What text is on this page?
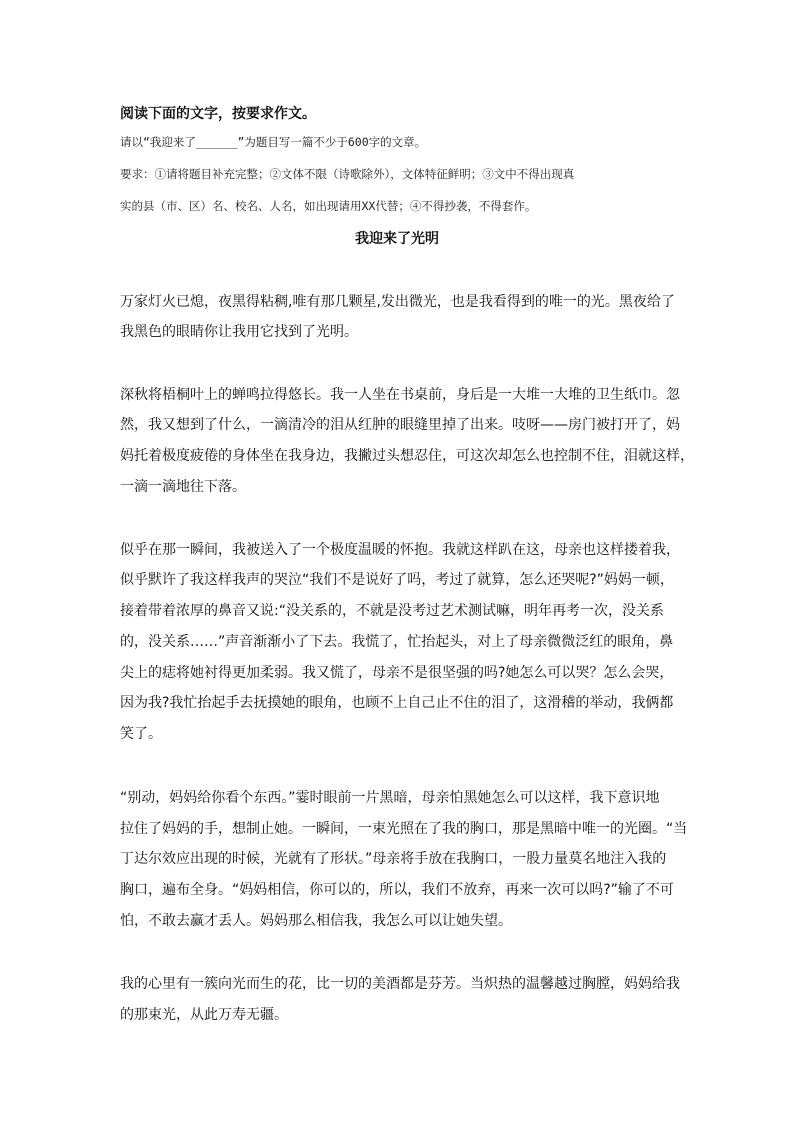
阅读下面的文字，按要求作文。
请以“我迎来了______”为题目写一篇不少于600字的文章。
要求：①请将题目补充完整；②文体不限（诗歌除外），文体特征鲜明；③文中不得出现真
实的县（市、区）名、校名、人名，如出现请用XX代替；④不得抄袭，不得套作。
我迎来了光明
万家灯火已熄，夜黑得粘稠,唯有那几颗星,发出微光，也是我看得到的唯一的光。黑夜给了
我黑色的眼睛你让我用它找到了光明。
深秋将梧桐叶上的蝉鸣拉得悠长。我一人坐在书桌前，身后是一大堆一大堆的卫生纸巾。忽
然，我又想到了什么，一滴清冷的泪从红肿的眼缝里掉了出来。吱呀——房门被打开了，妈
妈托着极度疲倦的身体坐在我身边，我撇过头想忍住，可这次却怎么也控制不住，泪就这样，
一滴一滴地往下落。
似乎在那一瞬间，我被送入了一个极度温暖的怀抱。我就这样趴在这，母亲也这样搂着我，
似乎默许了我这样我声的哭泣“我们不是说好了吗，考过了就算，怎么还哭呢?”妈妈一顿，
接着带着浓厚的鼻音又说:“没关系的，不就是没考过艺术测试嘛，明年再考一次，没关系
的，没关系……”声音渐渐小了下去。我慌了，忙抬起头，对上了母亲微微泛红的眼角，鼻
尖上的痣将她衬得更加柔弱。我又慌了，母亲不是很坚强的吗?她怎么可以哭？怎么会哭，
因为我?我忙抬起手去抚摸她的眼角，也顾不上自己止不住的泪了，这滑稽的举动，我俩都
笑了。
“别动，妈妈给你看个东西。”霎时眼前一片黑暗，母亲怕黑她怎么可以这样，我下意识地
拉住了妈妈的手，想制止她。一瞬间，一束光照在了我的胸口，那是黑暗中唯一的光圈。“当
丁达尔效应出现的时候，光就有了形状。”母亲将手放在我胸口，一股力量莫名地注入我的
胸口，遍布全身。“妈妈相信，你可以的，所以，我们不放弃，再来一次可以吗?”输了不可
怕，不敢去赢才丢人。妈妈那么相信我，我怎么可以让她失望。
我的心里有一簇向光而生的花，比一切的美酒都是芬芳。当炽热的温馨越过胸膛，妈妈给我
的那束光，从此万寿无疆。
